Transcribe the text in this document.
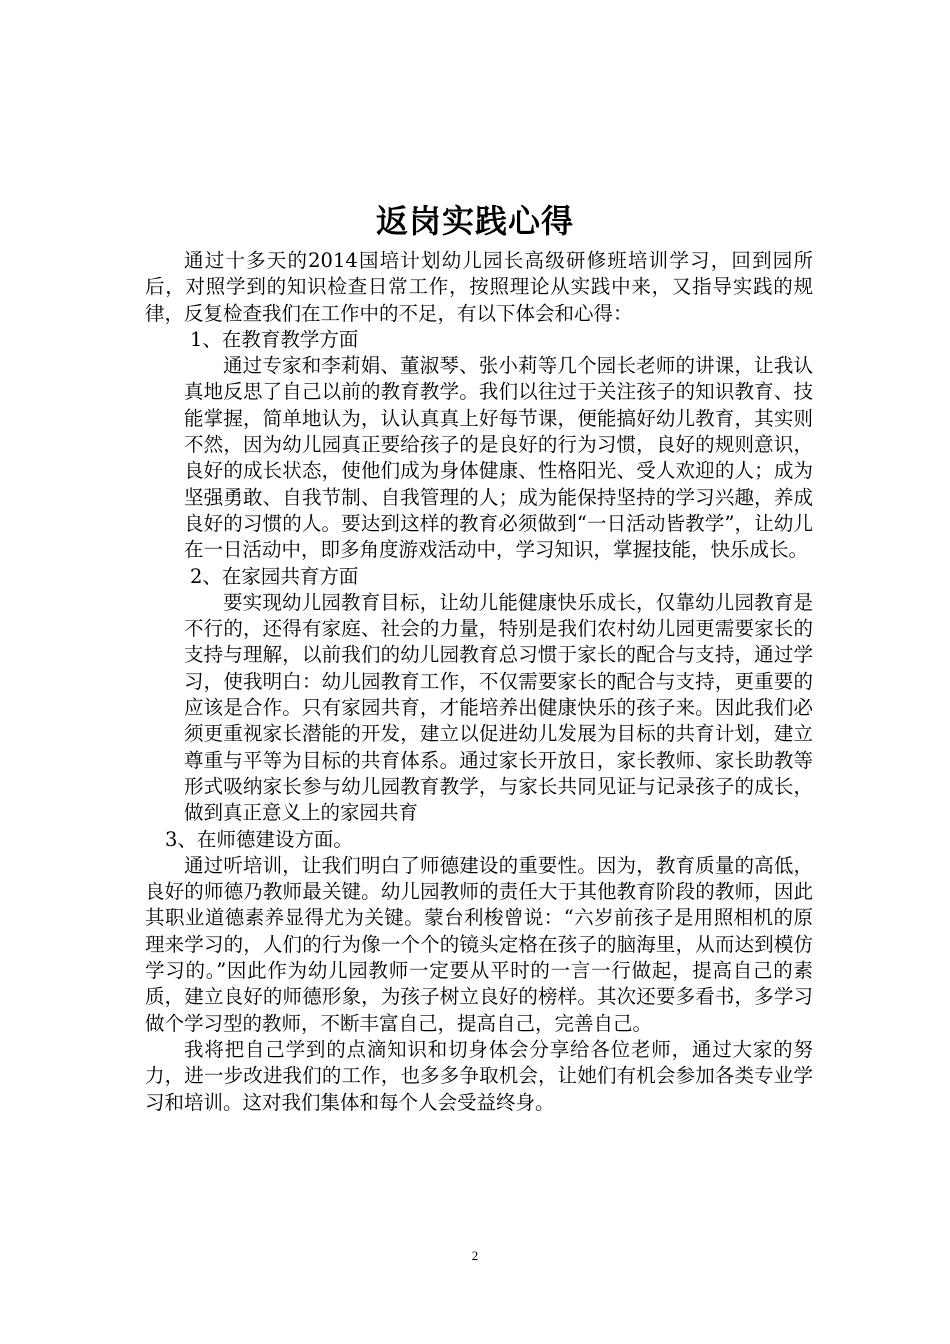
返岗实践心得

通过十多天的2014国培计划幼儿园长高级研修班培训学习，回到园所后，对照学到的知识检查日常工作，按照理论从实践中来，又指导实践的规律，反复检查我们在工作中的不足，有以下体会和心得：

1、在教育教学方面

通过专家和李莉娟、董淑琴、张小莉等几个园长老师的讲课，让我认真地反思了自己以前的教育教学。我们以往过于关注孩子的知识教育、技能掌握，简单地认为，认认真真上好每节课，便能搞好幼儿教育，其实则不然，因为幼儿园真正要给孩子的是良好的行为习惯，良好的规则意识，良好的成长状态，使他们成为身体健康、性格阳光、受人欢迎的人；成为坚强勇敢、自我节制、自我管理的人；成为能保持坚持的学习兴趣，养成良好的习惯的人。要达到这样的教育必须做到“一日活动皆教学”，让幼儿在一日活动中，即多角度游戏活动中，学习知识，掌握技能，快乐成长。

2、在家园共育方面

要实现幼儿园教育目标，让幼儿能健康快乐成长，仅靠幼儿园教育是不行的，还得有家庭、社会的力量，特别是我们农村幼儿园更需要家长的支持与理解，以前我们的幼儿园教育总习惯于家长的配合与支持，通过学习，使我明白：幼儿园教育工作，不仅需要家长的配合与支持，更重要的应该是合作。只有家园共育，才能培养出健康快乐的孩子来。因此我们必须更重视家长潜能的开发，建立以促进幼儿发展为目标的共育计划，建立尊重与平等为目标的共育体系。通过家长开放日，家长教师、家长助教等形式吸纳家长参与幼儿园教育教学，与家长共同见证与记录孩子的成长，做到真正意义上的家园共育

3、在师德建设方面。

通过听培训，让我们明白了师德建设的重要性。因为，教育质量的高低，良好的师德乃教师最关键。幼儿园教师的责任大于其他教育阶段的教师，因此其职业道德素养显得尤为关键。蒙台利梭曾说：“六岁前孩子是用照相机的原理来学习的，人们的行为像一个个的镜头定格在孩子的脑海里，从而达到模仿学习的。”因此作为幼儿园教师一定要从平时的一言一行做起，提高自己的素质，建立良好的师德形象，为孩子树立良好的榜样。其次还要多看书，多学习做个学习型的教师，不断丰富自己，提高自己，完善自己。

我将把自己学到的点滴知识和切身体会分享给各位老师，通过大家的努力，进一步改进我们的工作，也多多争取机会，让她们有机会参加各类专业学习和培训。这对我们集体和每个人会受益终身。

2
